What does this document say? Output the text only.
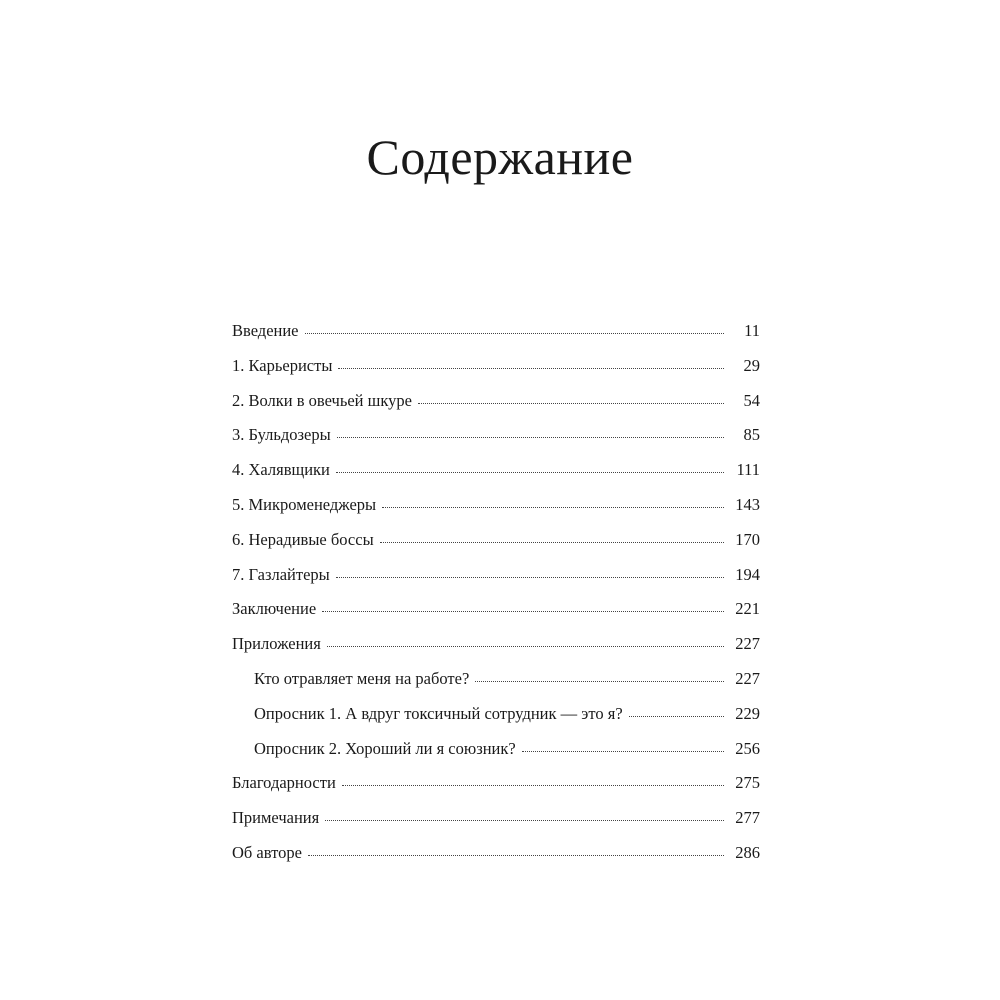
Содержание
Введение	11
1. Карьеристы	29
2. Волки в овечьей шкуре	54
3. Бульдозеры	85
4. Халявщики	111
5. Микроменеджеры	143
6. Нерадивые боссы	170
7. Газлайтеры	194
Заключение	221
Приложения	227
Кто отравляет меня на работе?	227
Опросник 1. А вдруг токсичный сотрудник — это я?	229
Опросник 2. Хороший ли я союзник?	256
Благодарности	275
Примечания	277
Об авторе	286
